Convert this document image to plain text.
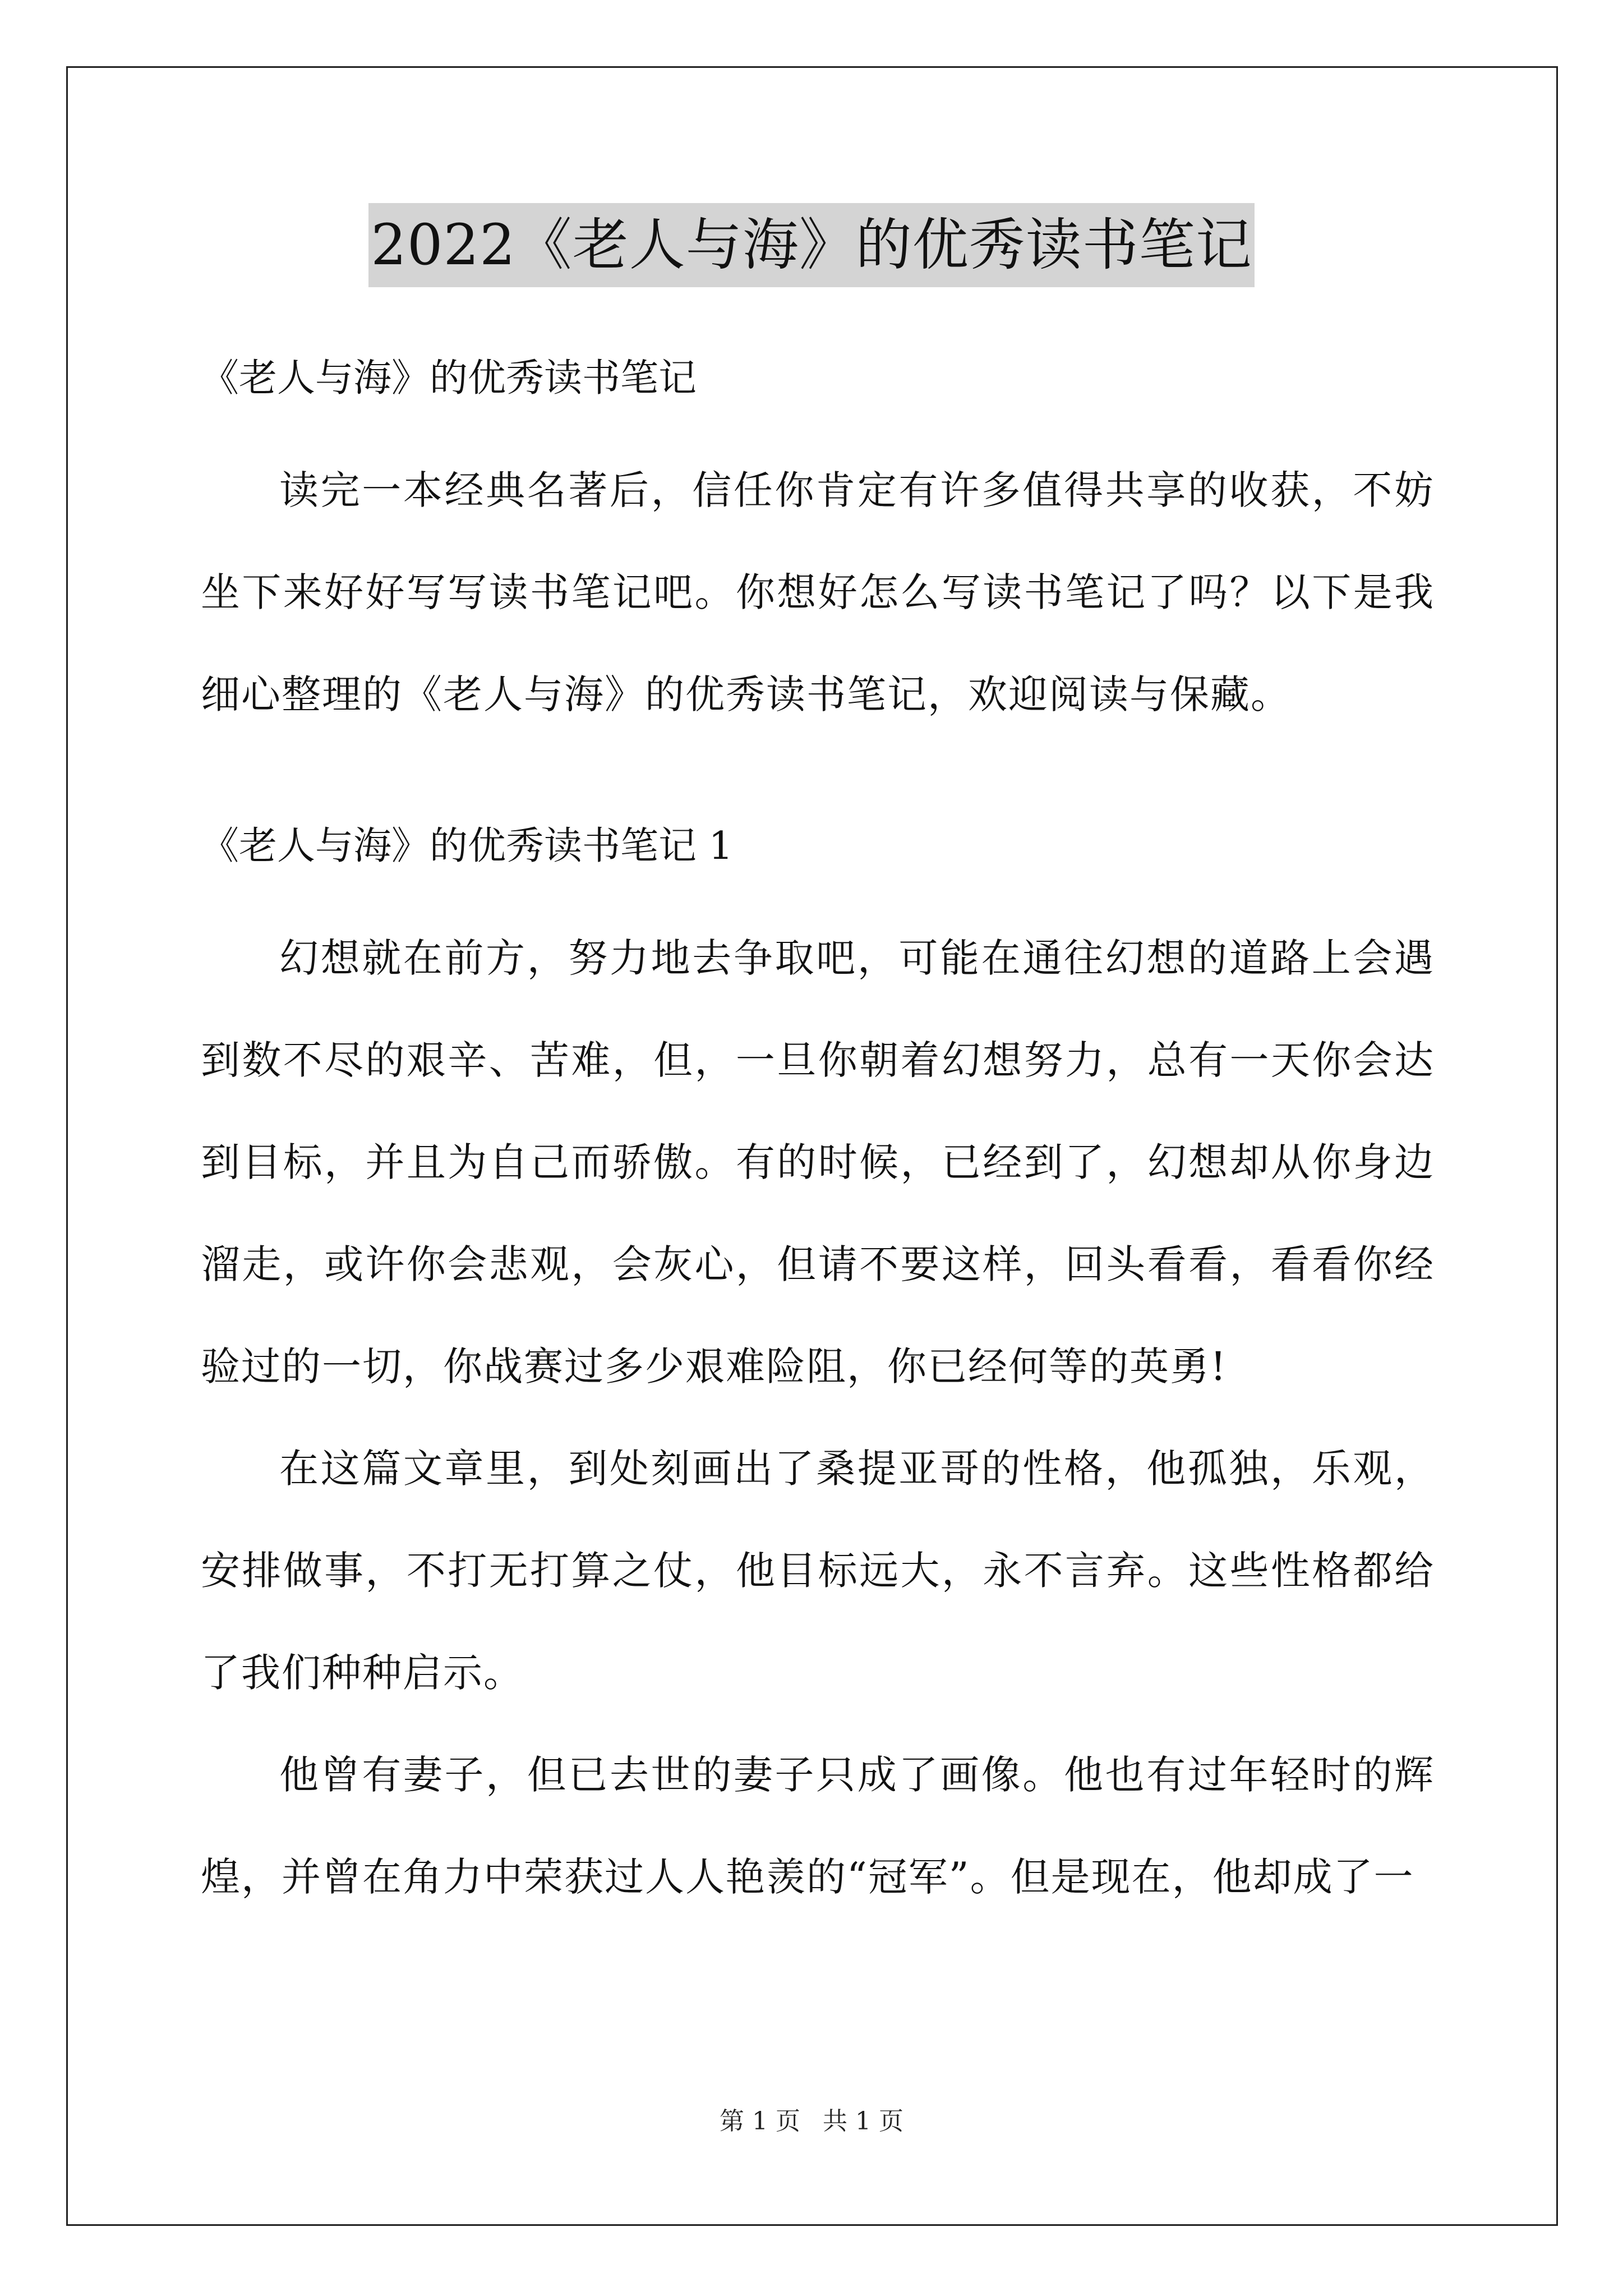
2022《老人与海》的优秀读书笔记

《老人与海》的优秀读书笔记

读完一本经典名著后，信任你肯定有许多值得共享的收获，不妨坐下来好好写写读书笔记吧。你想好怎么写读书笔记了吗？以下是我细心整理的《老人与海》的优秀读书笔记，欢迎阅读与保藏。

《老人与海》的优秀读书笔记 1

幻想就在前方，努力地去争取吧，可能在通往幻想的道路上会遇到数不尽的艰辛、苦难，但，一旦你朝着幻想努力，总有一天你会达到目标，并且为自己而骄傲。有的时候，已经到了，幻想却从你身边溜走，或许你会悲观，会灰心，但请不要这样，回头看看，看看你经验过的一切，你战赛过多少艰难险阻，你已经何等的英勇!

在这篇文章里，到处刻画出了桑提亚哥的性格，他孤独，乐观，安排做事，不打无打算之仗，他目标远大，永不言弃。这些性格都给了我们种种启示。

他曾有妻子，但已去世的妻子只成了画像。他也有过年轻时的辉煌，并曾在角力中荣获过人人艳羡的“冠军”。但是现在，他却成了一

第 1 页 共 1 页
